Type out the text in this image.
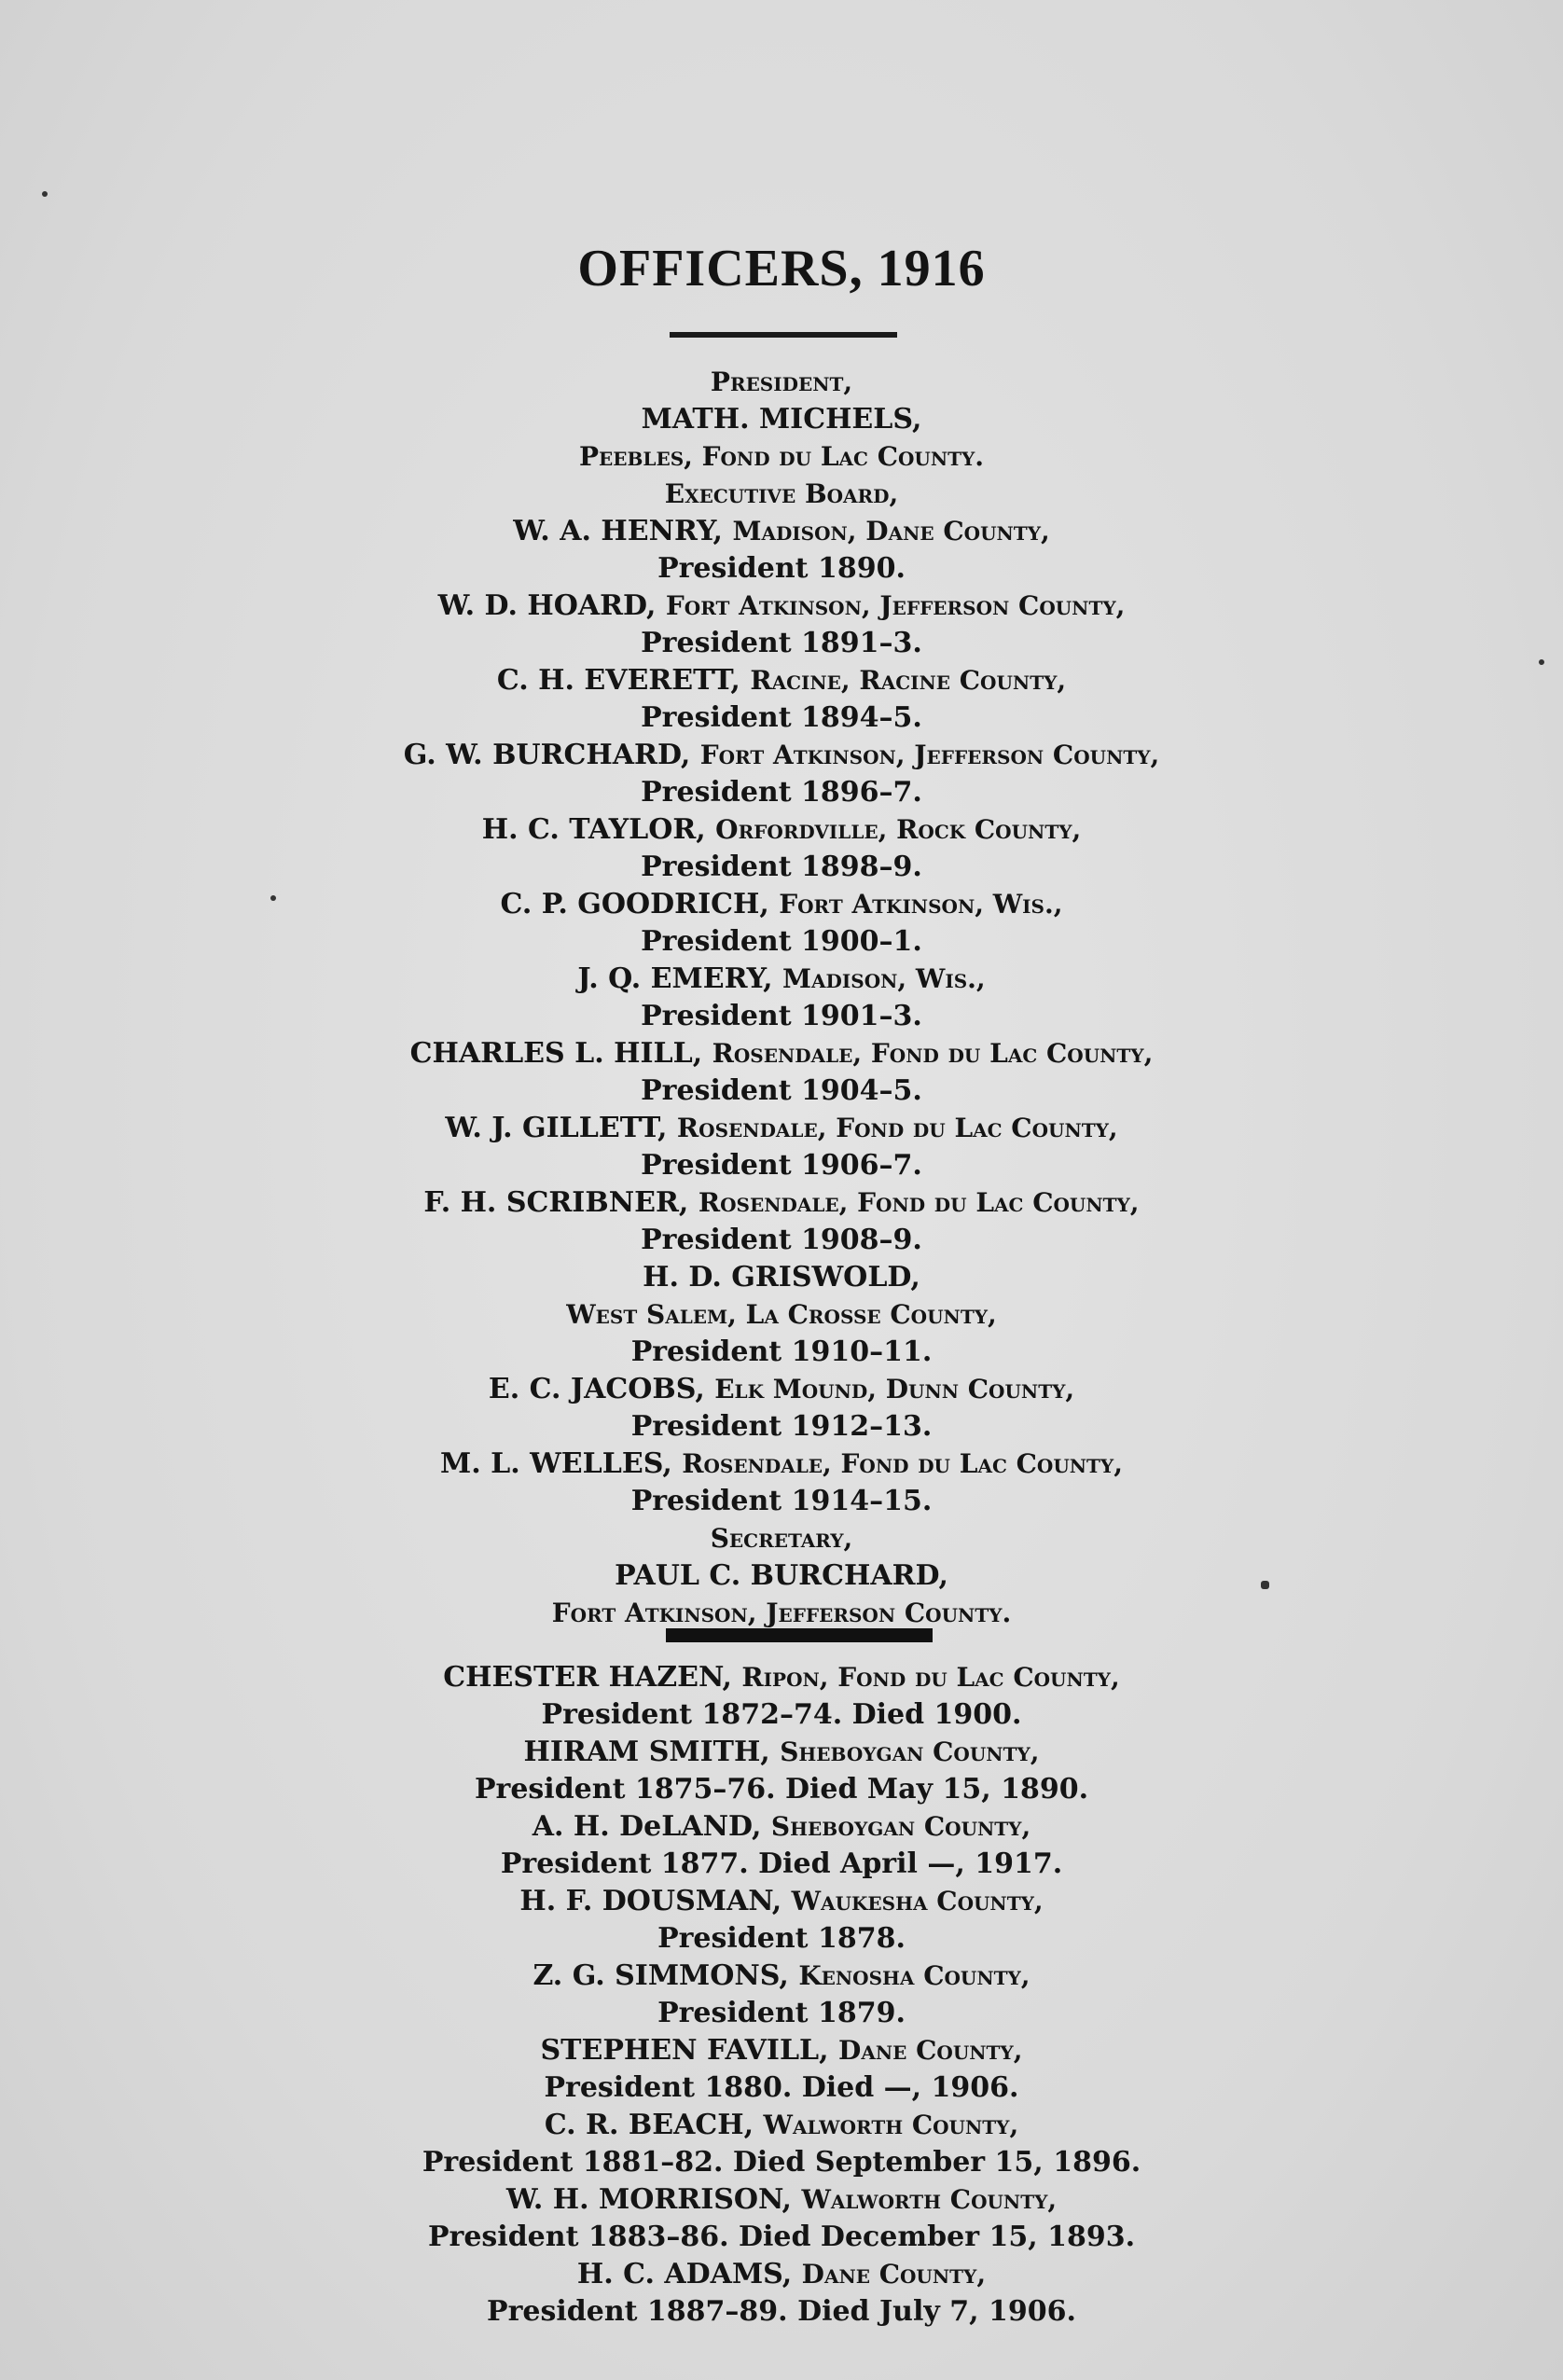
OFFICERS, 1916
President,
MATH. MICHELS,
Peebles, Fond du Lac County.
Executive Board,
W. A. HENRY, Madison, Dane County,
President 1890.
W. D. HOARD, Fort Atkinson, Jefferson County,
President 1891–3.
C. H. EVERETT, Racine, Racine County,
President 1894–5.
G. W. BURCHARD, Fort Atkinson, Jefferson County,
President 1896–7.
H. C. TAYLOR, Orfordville, Rock County,
President 1898–9.
C. P. GOODRICH, Fort Atkinson, Wis.,
President 1900–1.
J. Q. EMERY, Madison, Wis.,
President 1901–3.
CHARLES L. HILL, Rosendale, Fond du Lac County,
President 1904–5.
W. J. GILLETT, Rosendale, Fond du Lac County,
President 1906–7.
F. H. SCRIBNER, Rosendale, Fond du Lac County,
President 1908–9.
H. D. GRISWOLD,
West Salem, La Crosse County,
President 1910–11.
E. C. JACOBS, Elk Mound, Dunn County,
President 1912–13.
M. L. WELLES, Rosendale, Fond du Lac County,
President 1914–15.
Secretary,
PAUL C. BURCHARD,
Fort Atkinson, Jefferson County.
CHESTER HAZEN, Ripon, Fond du Lac County,
President 1872–74. Died 1900.
HIRAM SMITH, Sheboygan County,
President 1875–76. Died May 15, 1890.
A. H. DeLAND, Sheboygan County,
President 1877. Died April —, 1917.
H. F. DOUSMAN, Waukesha County,
President 1878.
Z. G. SIMMONS, Kenosha County,
President 1879.
STEPHEN FAVILL, Dane County,
President 1880. Died —, 1906.
C. R. BEACH, Walworth County,
President 1881–82. Died September 15, 1896.
W. H. MORRISON, Walworth County,
President 1883–86. Died December 15, 1893.
H. C. ADAMS, Dane County,
President 1887–89. Died July 7, 1906.
